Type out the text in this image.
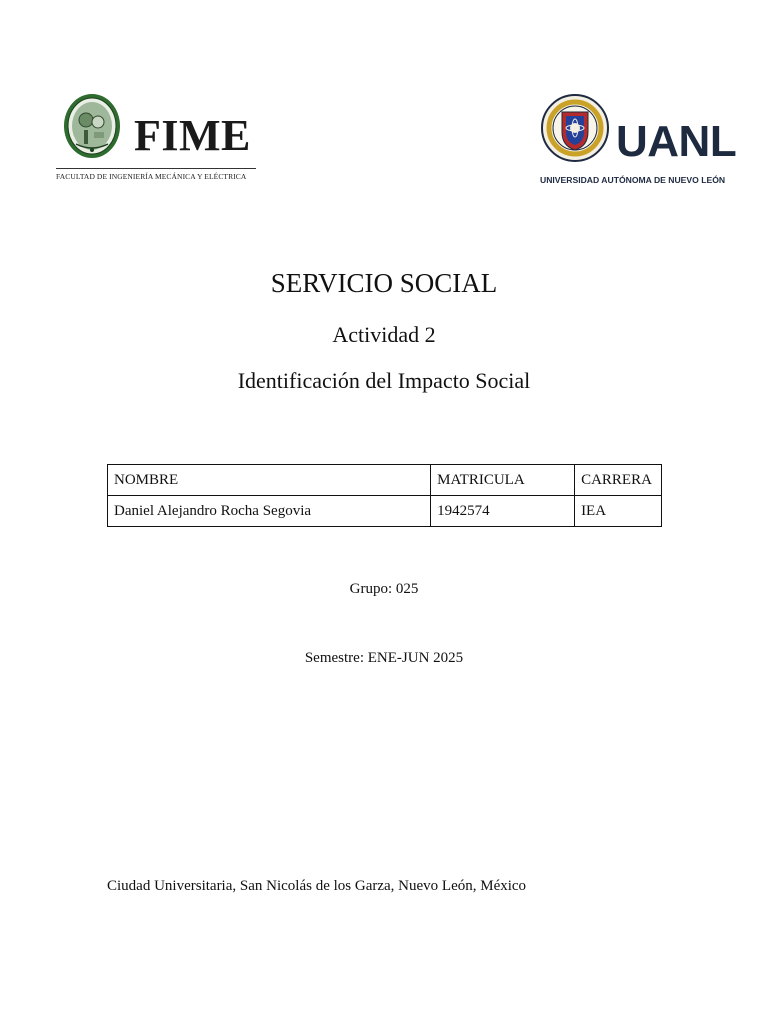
FIME
FACULTAD DE INGENIERÍA MECÁNICA Y ELÉCTRICA
UANL
UNIVERSIDAD AUTÓNOMA DE NUEVO LEÓN
SERVICIO SOCIAL
Actividad 2
Identificación del Impacto Social
NOMBRE	MATRICULA	CARRERA
Daniel Alejandro Rocha Segovia	1942574	IEA
Grupo: 025
Semestre: ENE-JUN 2025
Ciudad Universitaria, San Nicolás de los Garza, Nuevo León, México
